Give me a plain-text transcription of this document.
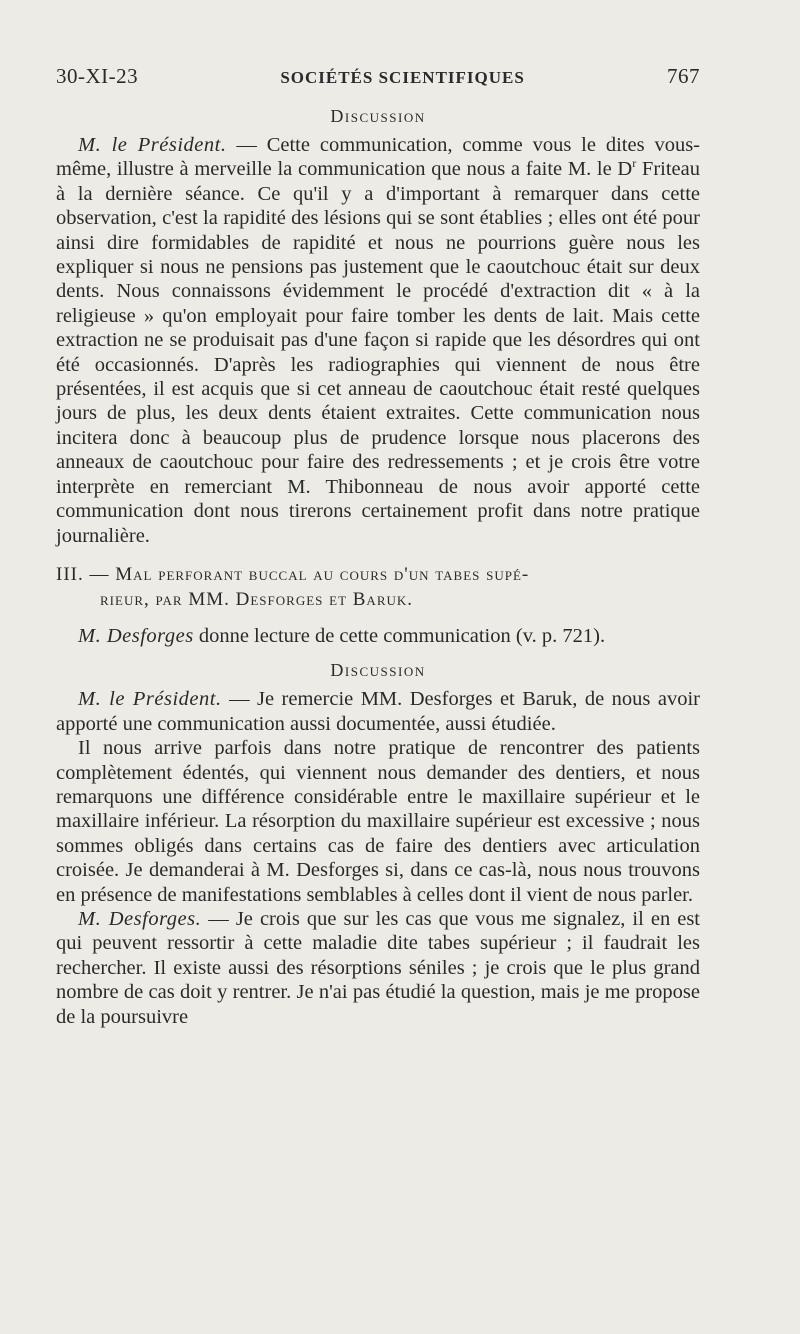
30-XI-23	SOCIÉTÉS SCIENTIFIQUES	767
Discussion

M. le Président. — Cette communication, comme vous le dites vous-même, illustre à merveille la communication que nous a faite M. le $D^r$ Friteau à la dernière séance. Ce qu'il y a d'important à remarquer dans cette observation, c'est la rapidité des lésions qui se sont établies ; elles ont été pour ainsi dire formidables de rapidité et nous ne pourrions guère nous les expliquer si nous ne pensions pas justement que le caoutchouc était sur deux dents. Nous connaissons évidemment le procédé d'extraction dit « à la religieuse » qu'on employait pour faire tomber les dents de lait. Mais cette extraction ne se produisait pas d'une façon si rapide que les désordres qui ont été occasionnés. D'après les radiographies qui viennent de nous être présentées, il est acquis que si cet anneau de caoutchouc était resté quelques jours de plus, les deux dents étaient extraites. Cette communication nous incitera donc à beaucoup plus de prudence lorsque nous placerons des anneaux de caoutchouc pour faire des redressements ; et je crois être votre interprète en remerciant M. Thibonneau de nous avoir apporté cette communication dont nous tirerons certainement profit dans notre pratique journalière.

III. — Mal perforant buccal au cours d'un tabes supé-
rieur, par MM. Desforges et Baruk.

M. Desforges donne lecture de cette communication (v. p. 721).

Discussion

M. le Président. — Je remercie MM. Desforges et Baruk, de nous avoir apporté une communication aussi documentée, aussi étudiée.

Il nous arrive parfois dans notre pratique de rencontrer des patients complètement édentés, qui viennent nous demander des dentiers, et nous remarquons une différence considérable entre le maxillaire supérieur et le maxillaire inférieur. La résorption du maxillaire supérieur est excessive ; nous sommes obligés dans certains cas de faire des dentiers avec articulation croisée. Je demanderai à M. Desforges si, dans ce cas-là, nous nous trouvons en présence de manifestations semblables à celles dont il vient de nous parler.

M. Desforges. — Je crois que sur les cas que vous me signalez, il en est qui peuvent ressortir à cette maladie dite tabes supérieur ; il faudrait les rechercher. Il existe aussi des résorptions séniles ; je crois que le plus grand nombre de cas doit y rentrer. Je n'ai pas étudié la question, mais je me propose de la poursuivre
